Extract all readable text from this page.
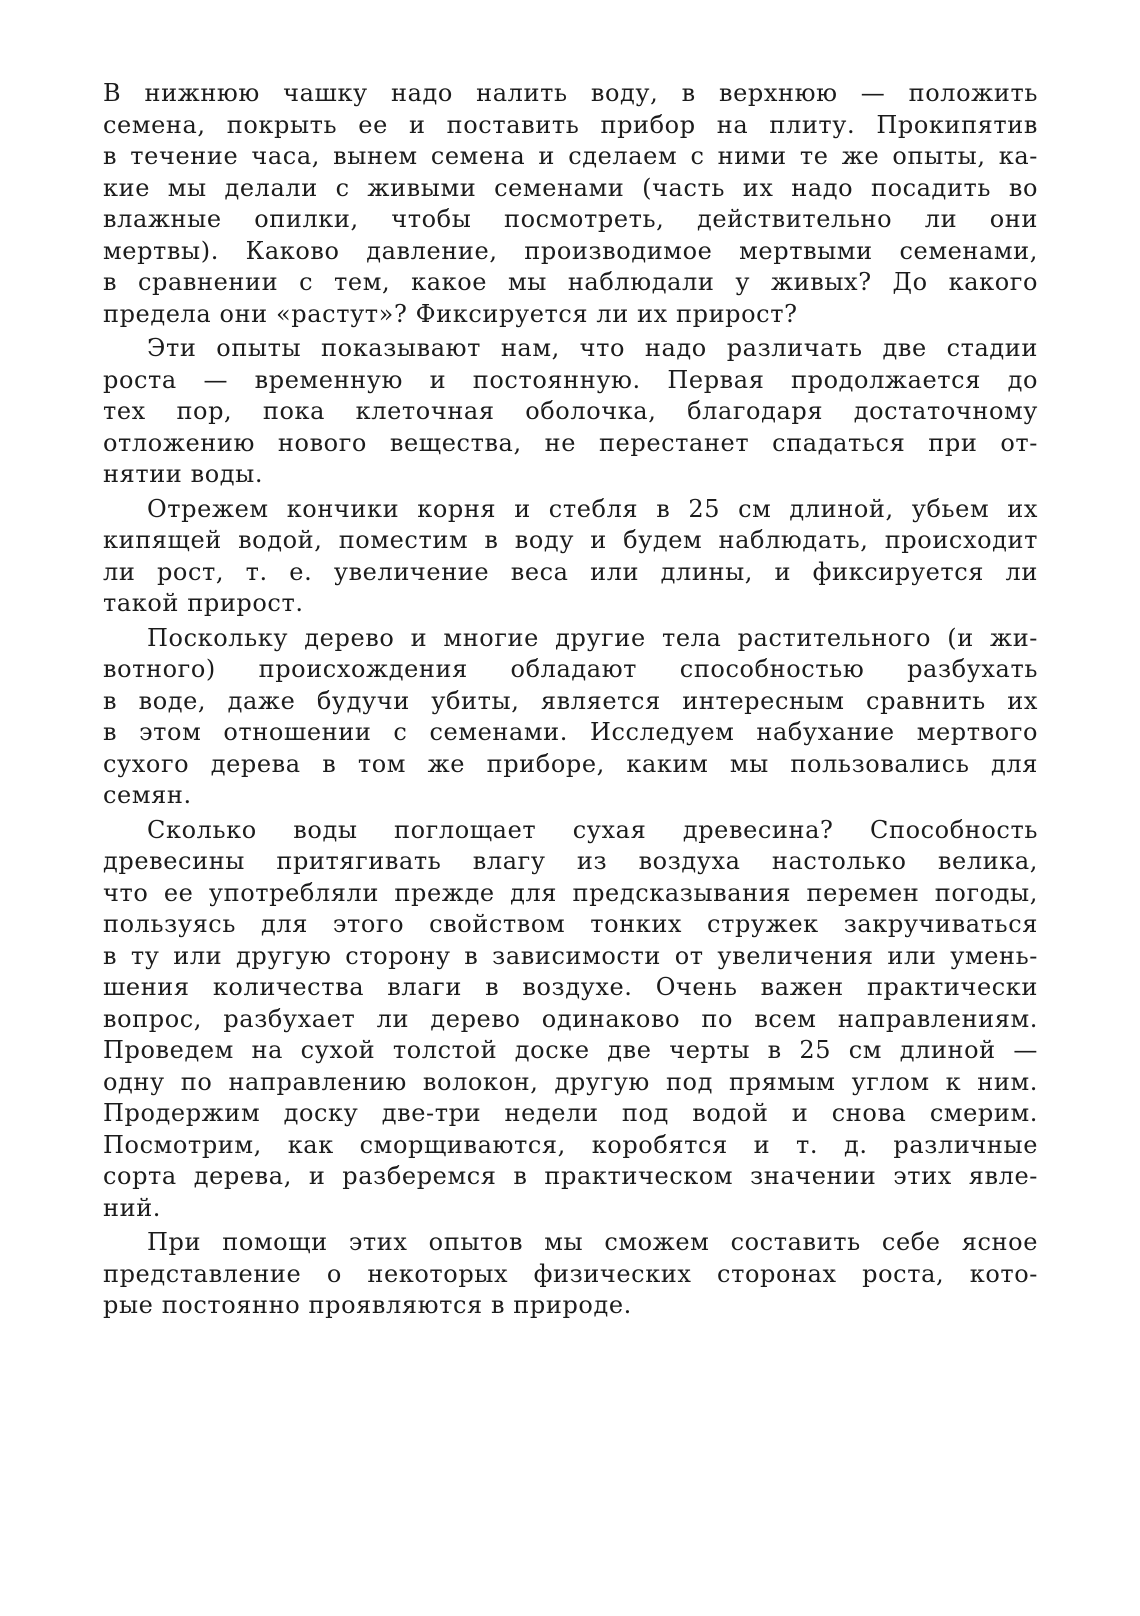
В нижнюю чашку надо налить воду, в верхнюю — положить
семена, покрыть ее и поставить прибор на плиту. Прокипятив
в течение часа, вынем семена и сделаем с ними те же опыты, ка-
кие мы делали с живыми семенами (часть их надо посадить во
влажные опилки, чтобы посмотреть, действительно ли они
мертвы). Каково давление, производимое мертвыми семенами,
в сравнении с тем, какое мы наблюдали у живых? До какого
предела они «растут»? Фиксируется ли их прирост?
Эти опыты показывают нам, что надо различать две стадии
роста — временную и постоянную. Первая продолжается до
тех пор, пока клеточная оболочка, благодаря достаточному
отложению нового вещества, не перестанет спадаться при от-
нятии воды.
Отрежем кончики корня и стебля в 25 см длиной, убьем их
кипящей водой, поместим в воду и будем наблюдать, происходит
ли рост, т. е. увеличение веса или длины, и фиксируется ли
такой прирост.
Поскольку дерево и многие другие тела растительного (и жи-
вотного) происхождения обладают способностью разбухать
в воде, даже будучи убиты, является интересным сравнить их
в этом отношении с семенами. Исследуем набухание мертвого
сухого дерева в том же приборе, каким мы пользовались для
семян.
Сколько воды поглощает сухая древесина? Способность
древесины притягивать влагу из воздуха настолько велика,
что ее употребляли прежде для предсказывания перемен погоды,
пользуясь для этого свойством тонких стружек закручиваться
в ту или другую сторону в зависимости от увеличения или умень-
шения количества влаги в воздухе. Очень важен практически
вопрос, разбухает ли дерево одинаково по всем направлениям.
Проведем на сухой толстой доске две черты в 25 см длиной —
одну по направлению волокон, другую под прямым углом к ним.
Продержим доску две-три недели под водой и снова смерим.
Посмотрим, как сморщиваются, коробятся и т. д. различные
сорта дерева, и разберемся в практическом значении этих явле-
ний.
При помощи этих опытов мы сможем составить себе ясное
представление о некоторых физических сторонах роста, кото-
рые постоянно проявляются в природе.
